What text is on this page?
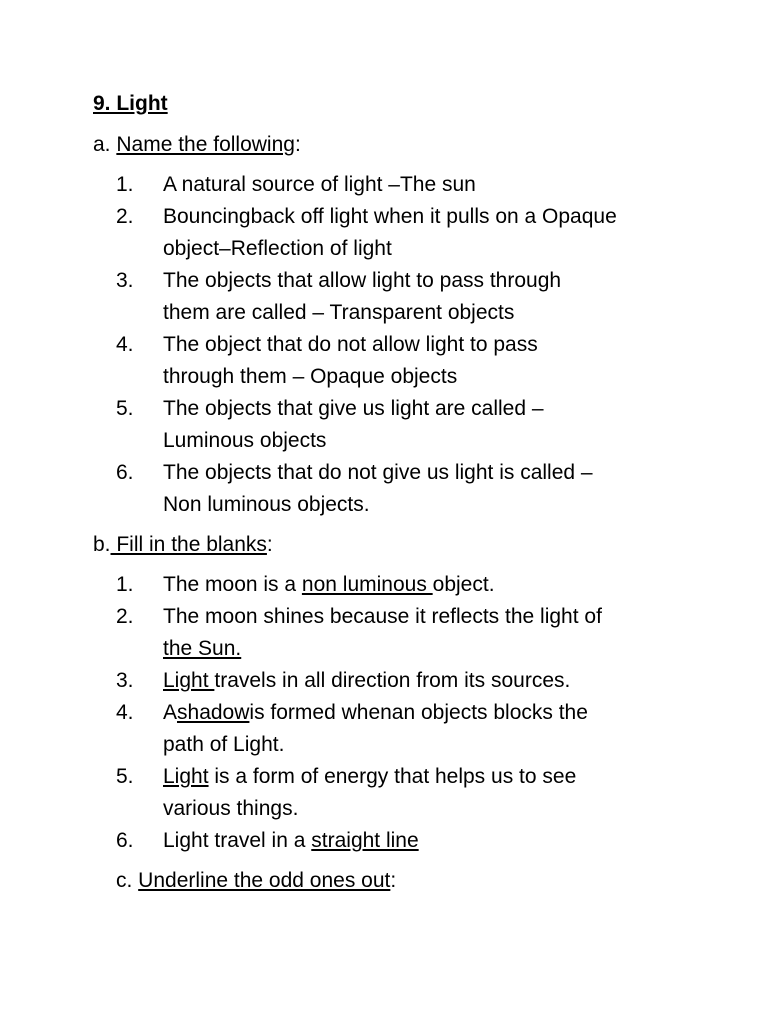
9. Light
a. Name the following:
1. A natural source of light –The sun
2. Bouncingback off light when it pulls on a Opaque
object–Reflection of light
3. The objects that allow light to pass through
them are called – Transparent objects
4. The object that do not allow light to pass
through them – Opaque objects
5. The objects that give us light are called –
Luminous objects
6. The objects that do not give us light is called –
Non luminous objects.
b. Fill in the blanks:
1. The moon is a non luminous object.
2. The moon shines because it reflects the light of
the Sun.
3. Light travels in all direction from its sources.
4. Ashadowis formed whenan objects blocks the
path of Light.
5. Light is a form of energy that helps us to see
various things.
6. Light travel in a straight line
c. Underline the odd ones out:
